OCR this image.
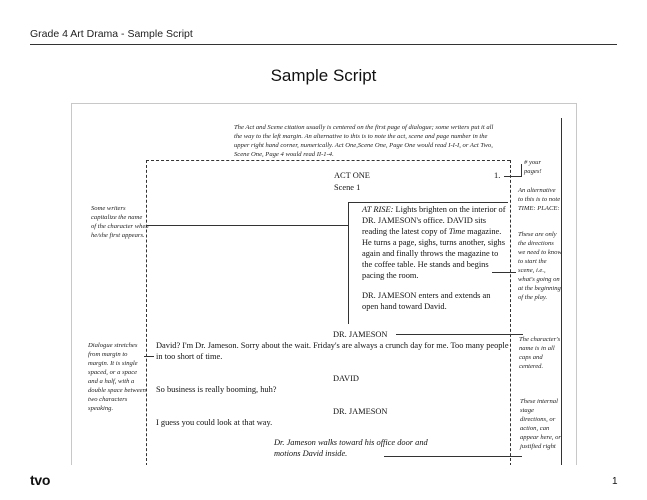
Grade 4 Art Drama - Sample Script
Sample Script
The Act and Scene citation usually is centered on the first page of dialogue; some writers put it all the way to the left margin. An alternative to this is to note the act, scene and page number in the upper right hand corner, numerically. Act One,Scene One, Page One would read I-I-I, or Act Two, Scene One, Page 4 would read II-1-4.
# your pages!
1.
ACT ONE
Scene 1
AT RISE: Lights brighten on the interior of DR. JAMESON's office. DAVID sits reading the latest copy of Time magazine. He turns a page, sighs, turns another, sighs again and finally throws the magazine to the coffee table. He stands and begins pacing the room.
DR. JAMESON enters and extends an open hand toward David.
DR. JAMESON
David? I'm Dr. Jameson. Sorry about the wait. Friday's are always a crunch day for me. Too many people in too short of time.
DAVID
So business is really booming, huh?
DR. JAMESON
I guess you could look at that way.
Dr. Jameson walks toward his office door and motions David inside.
Some writers capitalize the name of the character when he/she first appears.
Dialogue stretches from margin to margin. It is single spaced, or a space and a half, with a double space between two characters speaking.
An alternative to this is to note TIME: PLACE:
These are only the directions we need to know to start the scene, i.e., what's going on at the beginning of the play.
The character's name is in all caps and centered.
These internal stage directions, or action, can appear here, or justified right
tvo	1
